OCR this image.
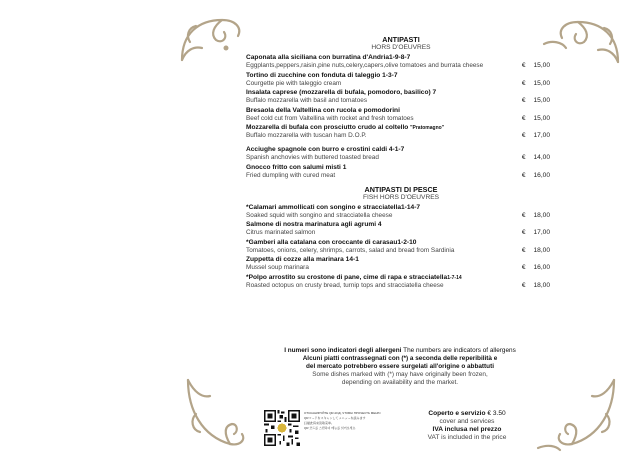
ANTIPASTI
HORS D'OEUVRES
Caponata alla siciliana con burratina d'Andria1-9-8-7
Eggplants,peppers,raisin,pine nuts,celery,capers,olive tomatoes and burrata cheese	€ 15,00
Tortino di zucchine con fonduta di taleggio 1-3-7
Courgette pie with taleggio cream	€ 15,00
Insalata caprese (mozzarella di bufala, pomodoro, basilico) 7
Buffalo mozzarella with basil and tomatoes	€ 15,00
Bresaola della Valtellina con rucola e pomodorini
Beef cold cut from Valtellina with rocket and fresh tomatoes	€ 15,00
Mozzarella di bufala con prosciutto crudo al coltello "Pratomagno"
Buffalo mozzarella with tuscan ham D.O.P.	€ 17,00
Acciughe spagnole con burro e crostini caldi 4-1-7
Spanish anchovies with buttered toasted bread	€ 14,00
Gnocco fritto con salumi misti 1
Fried dumpling with cured meat	€ 16,00
ANTIPASTI DI PESCE
FISH HORS D'OEUVRES
*Calamari ammollicati con songino e stracciatella1-14-7
Soaked squid with songino and stracciatella cheese	€ 18,00
Salmone di nostra marinatura agli agrumi 4
Citrus marinated salmon	€ 17,00
*Gamberi alla catalana con croccante di carasau1-2-10
Tomatoes, onions, celery, shrimps, carrots, salad and bread from Sardinia	€ 18,00
Zuppetta di cozze alla marinara 14-1
Mussel soup marinara	€ 16,00
*Polpo arrostito su crostone di pane, cime di rapa e stracciatella1-7-14
Roasted octopus on crusty bread, turnip tops and stracciatella cheese	€ 18,00
I numeri sono indicatori degli allergeni The numbers are indicators of allergens
Alcuni piatti contrassegnati con (*) a seconda delle reperibilità e
del mercato potrebbero essere surgelati all'origine o abbattuti
Some dishes marked with (*) may have originally been frozen,
depending on availability and the market.
ОТСКАНИРУЙТЕ QR-КОД, ЧТОБЫ ПРОЧЕСТЬ МЕНЮ
QRコードをスキャンしてメニューを読みます
扫描此码来读取菜单。
QR 코드를 스캔하여 메뉴를 읽어보세요.
Coperto e servizio € 3.50
cover and services
IVA inclusa nel prezzo
VAT is included in the price
